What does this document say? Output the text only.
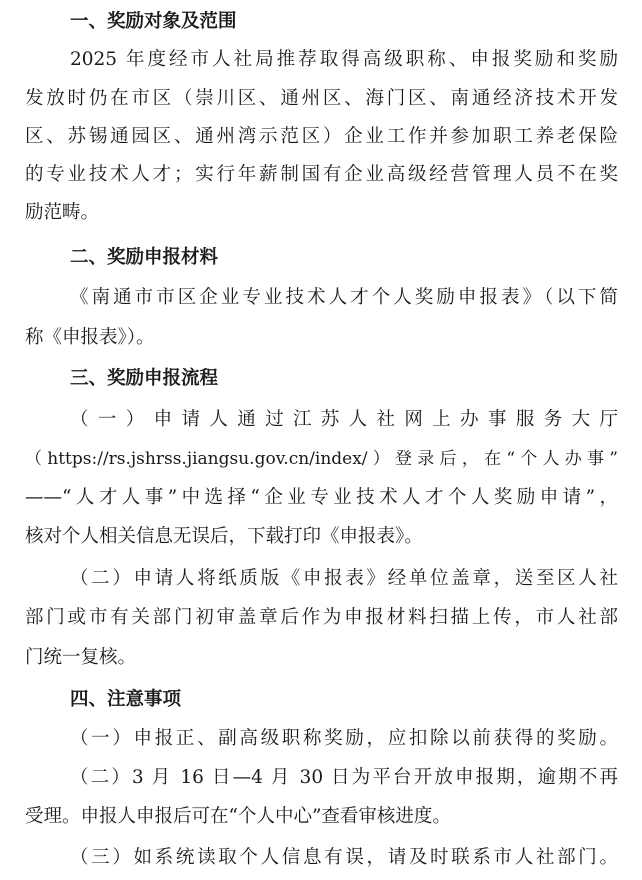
一、奖励对象及范围
2025 年度经市人社局推荐取得高级职称、申报奖励和奖励
发放时仍在市区（崇川区、通州区、海门区、南通经济技术开发
区、苏锡通园区、通州湾示范区）企业工作并参加职工养老保险
的专业技术人才；实行年薪制国有企业高级经营管理人员不在奖
励范畴。
二、奖励申报材料
《南通市市区企业专业技术人才个人奖励申报表》（以下简
称《申报表》）。
三、奖励申报流程
（一）申请人通过江苏人社网上办事服务大厅
（https://rs.jshrss.jiangsu.gov.cn/index/）登录后，在“个人办事”
——“人才人事”中选择“企业专业技术人才个人奖励申请”，
核对个人相关信息无误后，下载打印《申报表》。
（二）申请人将纸质版《申报表》经单位盖章，送至区人社
部门或市有关部门初审盖章后作为申报材料扫描上传，市人社部
门统一复核。
四、注意事项
（一）申报正、副高级职称奖励，应扣除以前获得的奖励。
（二）3 月 16 日—4 月 30 日为平台开放申报期，逾期不再
受理。申报人申报后可在“个人中心”查看审核进度。
（三）如系统读取个人信息有误，请及时联系市人社部门。
